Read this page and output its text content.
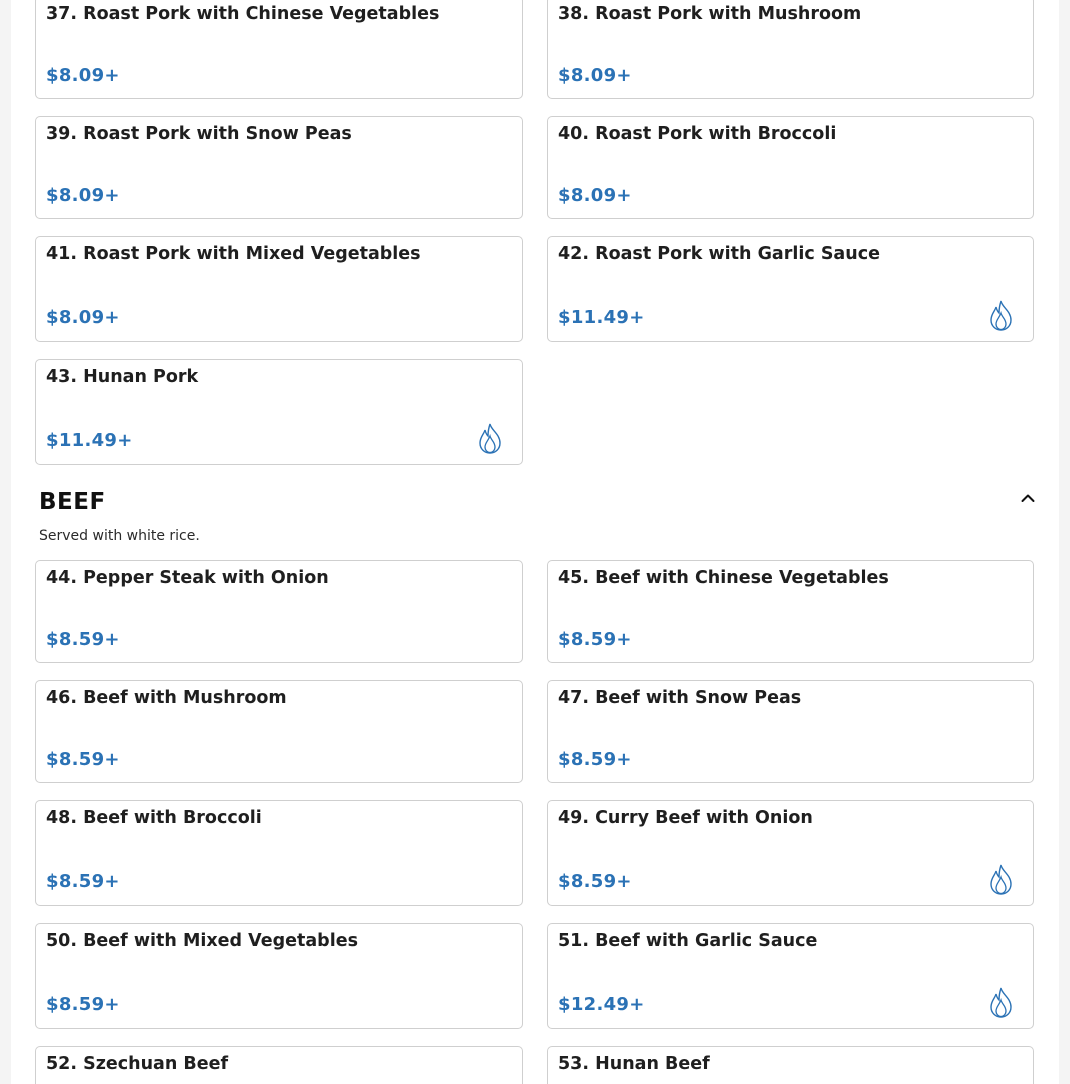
37. Roast Pork with Chinese Vegetables
$8.09+
38. Roast Pork with Mushroom
$8.09+
39. Roast Pork with Snow Peas
$8.09+
40. Roast Pork with Broccoli
$8.09+
41. Roast Pork with Mixed Vegetables
$8.09+
42. Roast Pork with Garlic Sauce
$11.49+
43. Hunan Pork
$11.49+
BEEF
Served with white rice.
44. Pepper Steak with Onion
$8.59+
45. Beef with Chinese Vegetables
$8.59+
46. Beef with Mushroom
$8.59+
47. Beef with Snow Peas
$8.59+
48. Beef with Broccoli
$8.59+
49. Curry Beef with Onion
$8.59+
50. Beef with Mixed Vegetables
$8.59+
51. Beef with Garlic Sauce
$12.49+
52. Szechuan Beef	53. Hunan Beef
